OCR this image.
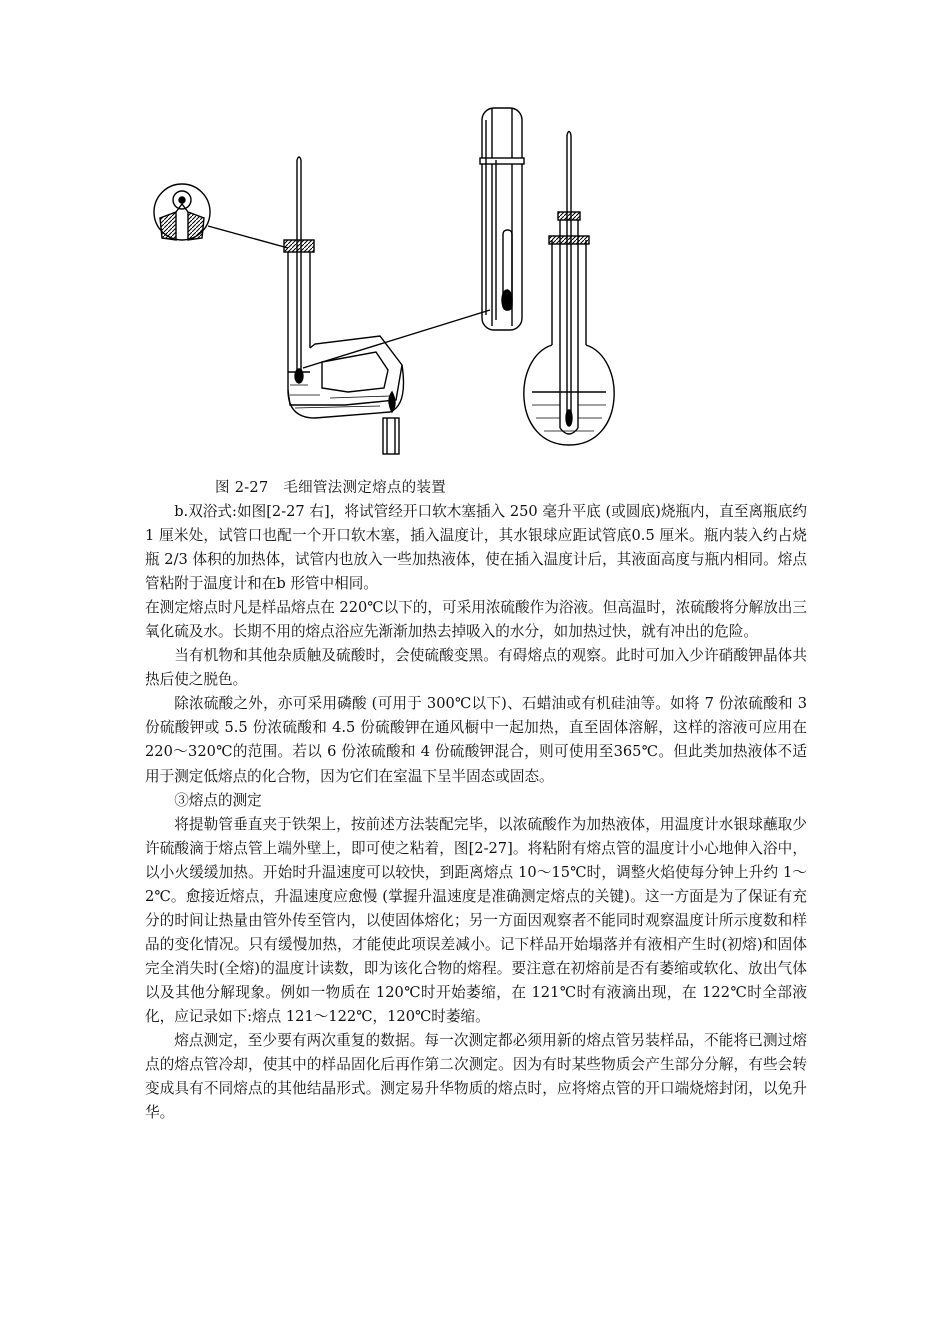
图 2-27　毛细管法测定熔点的装置

b.双浴式:如图[2-27 右]，将试管经开口软木塞插入 250 毫升平底 (或圆底)烧瓶内，直至离瓶底约 1 厘米处，试管口也配一个开口软木塞，插入温度计，其水银球应距试管底0.5 厘米。瓶内装入约占烧瓶 2/3 体积的加热体，试管内也放入一些加热液体，使在插入温度计后，其液面高度与瓶内相同。熔点管粘附于温度计和在b 形管中相同。

在测定熔点时凡是样品熔点在 220℃以下的，可采用浓硫酸作为浴液。但高温时，浓硫酸将分解放出三氧化硫及水。长期不用的熔点浴应先渐渐加热去掉吸入的水分，如加热过快，就有冲出的危险。

当有机物和其他杂质触及硫酸时，会使硫酸变黑。有碍熔点的观察。此时可加入少许硝酸钾晶体共热后使之脱色。

除浓硫酸之外，亦可采用磷酸 (可用于 300℃以下)、石蜡油或有机硅油等。如将 7 份浓硫酸和 3 份硫酸钾或 5.5 份浓硫酸和 4.5 份硫酸钾在通风橱中一起加热，直至固体溶解，这样的溶液可应用在 220～320℃的范围。若以 6 份浓硫酸和 4 份硫酸钾混合，则可使用至365℃。但此类加热液体不适用于测定低熔点的化合物，因为它们在室温下呈半固态或固态。

③熔点的测定

将提勒管垂直夹于铁架上，按前述方法装配完毕，以浓硫酸作为加热液体，用温度计水银球蘸取少许硫酸滴于熔点管上端外壁上，即可使之粘着，图[2-27]。将粘附有熔点管的温度计小心地伸入浴中，以小火缓缓加热。开始时升温速度可以较快，到距离熔点 10～15℃时，调整火焰使每分钟上升约 1～2℃。愈接近熔点，升温速度应愈慢 (掌握升温速度是准确测定熔点的关键)。这一方面是为了保证有充分的时间让热量由管外传至管内，以使固体熔化；另一方面因观察者不能同时观察温度计所示度数和样品的变化情况。只有缓慢加热，才能使此项误差减小。记下样品开始塌落并有液相产生时(初熔)和固体完全消失时(全熔)的温度计读数，即为该化合物的熔程。要注意在初熔前是否有萎缩或软化、放出气体以及其他分解现象。例如一物质在 120℃时开始萎缩，在 121℃时有液滴出现，在 122℃时全部液化，应记录如下:熔点 121～122℃，120℃时萎缩。

熔点测定，至少要有两次重复的数据。每一次测定都必须用新的熔点管另装样品，不能将已测过熔点的熔点管冷却，使其中的样品固化后再作第二次测定。因为有时某些物质会产生部分分解，有些会转变成具有不同熔点的其他结晶形式。测定易升华物质的熔点时，应将熔点管的开口端烧熔封闭，以免升华。
